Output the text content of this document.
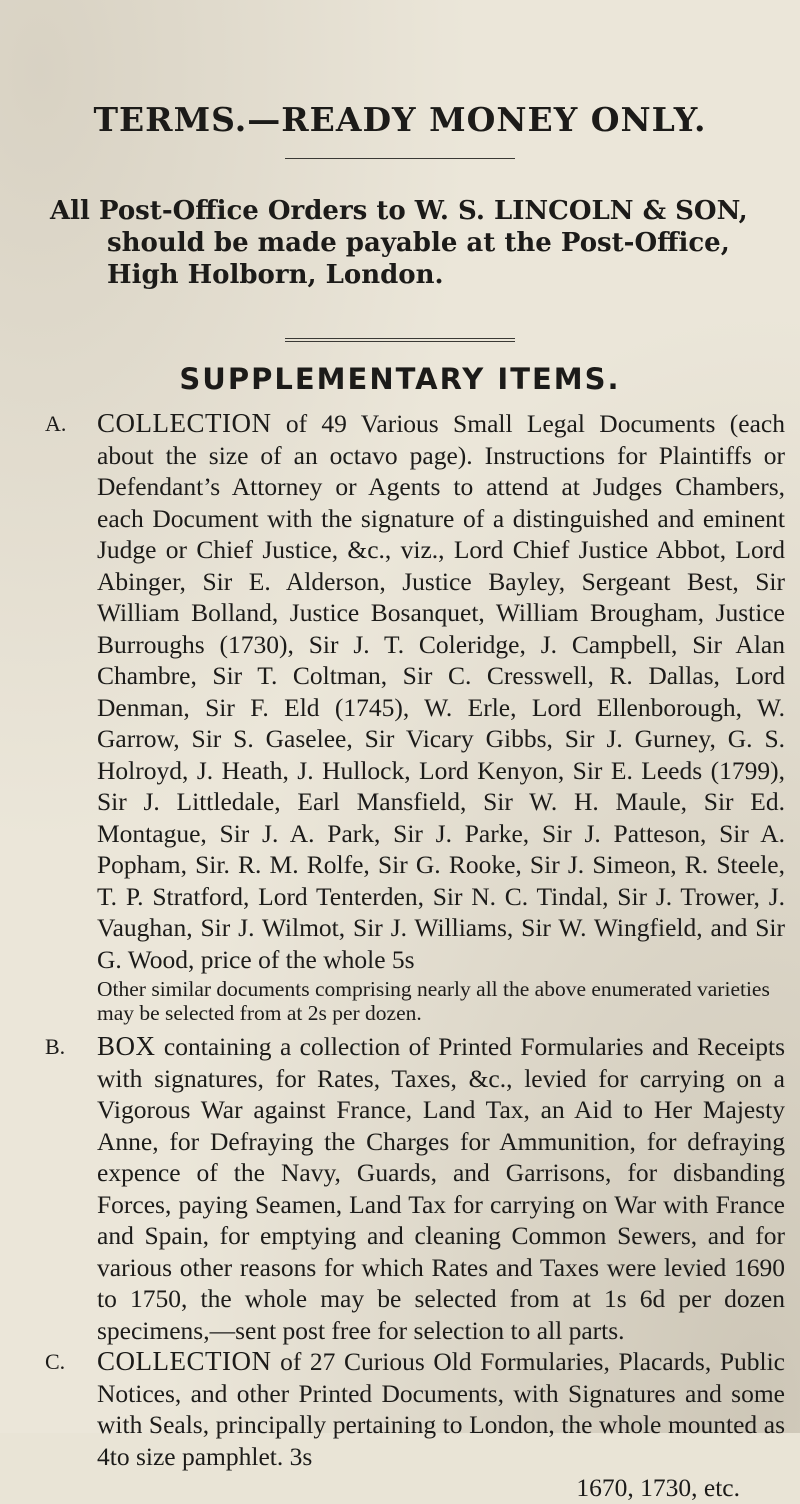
TERMS.—READY MONEY ONLY.
All Post-Office Orders to W. S. LINCOLN & SON,
should be made payable at the Post-Office,
High Holborn, London.
SUPPLEMENTARY ITEMS.
A.	COLLECTION of 49 Various Small Legal Documents (each about the size of an octavo page). Instructions for Plaintiffs or Defendant’s Attorney or Agents to attend at Judges Chambers, each Document with the signature of a distinguished and eminent Judge or Chief Justice, &c., viz., Lord Chief Justice Abbot, Lord Abinger, Sir E. Alderson, Justice Bayley, Sergeant Best, Sir William Bolland, Justice Bosanquet, William Brougham, Justice Burroughs (1730), Sir J. T. Coleridge, J. Campbell, Sir Alan Chambre, Sir T. Coltman, Sir C. Cresswell, R. Dallas, Lord Denman, Sir F. Eld (1745), W. Erle, Lord Ellenborough, W. Garrow, Sir S. Gaselee, Sir Vicary Gibbs, Sir J. Gurney, G. S. Holroyd, J. Heath, J. Hullock, Lord Kenyon, Sir E. Leeds (1799), Sir J. Littledale, Earl Mansfield, Sir W. H. Maule, Sir Ed. Montague, Sir J. A. Park, Sir J. Parke, Sir J. Patteson, Sir A. Popham, Sir. R. M. Rolfe, Sir G. Rooke, Sir J. Simeon, R. Steele, T. P. Stratford, Lord Tenterden, Sir N. C. Tindal, Sir J. Trower, J. Vaughan, Sir J. Wilmot, Sir J. Williams, Sir W. Wingfield, and Sir G. Wood, price of the whole 5s
Other similar documents comprising nearly all the above enumerated varieties may be selected from at 2s per dozen.
B.	BOX containing a collection of Printed Formularies and Receipts with signatures, for Rates, Taxes, &c., levied for carrying on a Vigorous War against France, Land Tax, an Aid to Her Majesty Anne, for Defraying the Charges for Ammunition, for defraying expence of the Navy, Guards, and Garrisons, for disbanding Forces, paying Seamen, Land Tax for carrying on War with France and Spain, for emptying and cleaning Common Sewers, and for various other reasons for which Rates and Taxes were levied 1690 to 1750, the whole may be selected from at 1s 6d per dozen specimens,—sent post free for selection to all parts.
C.	COLLECTION of 27 Curious Old Formularies, Placards, Public Notices, and other Printed Documents, with Signatures and some with Seals, principally pertaining to London, the whole mounted as 4to size pamphlet. 3s
1670, 1730, etc.
